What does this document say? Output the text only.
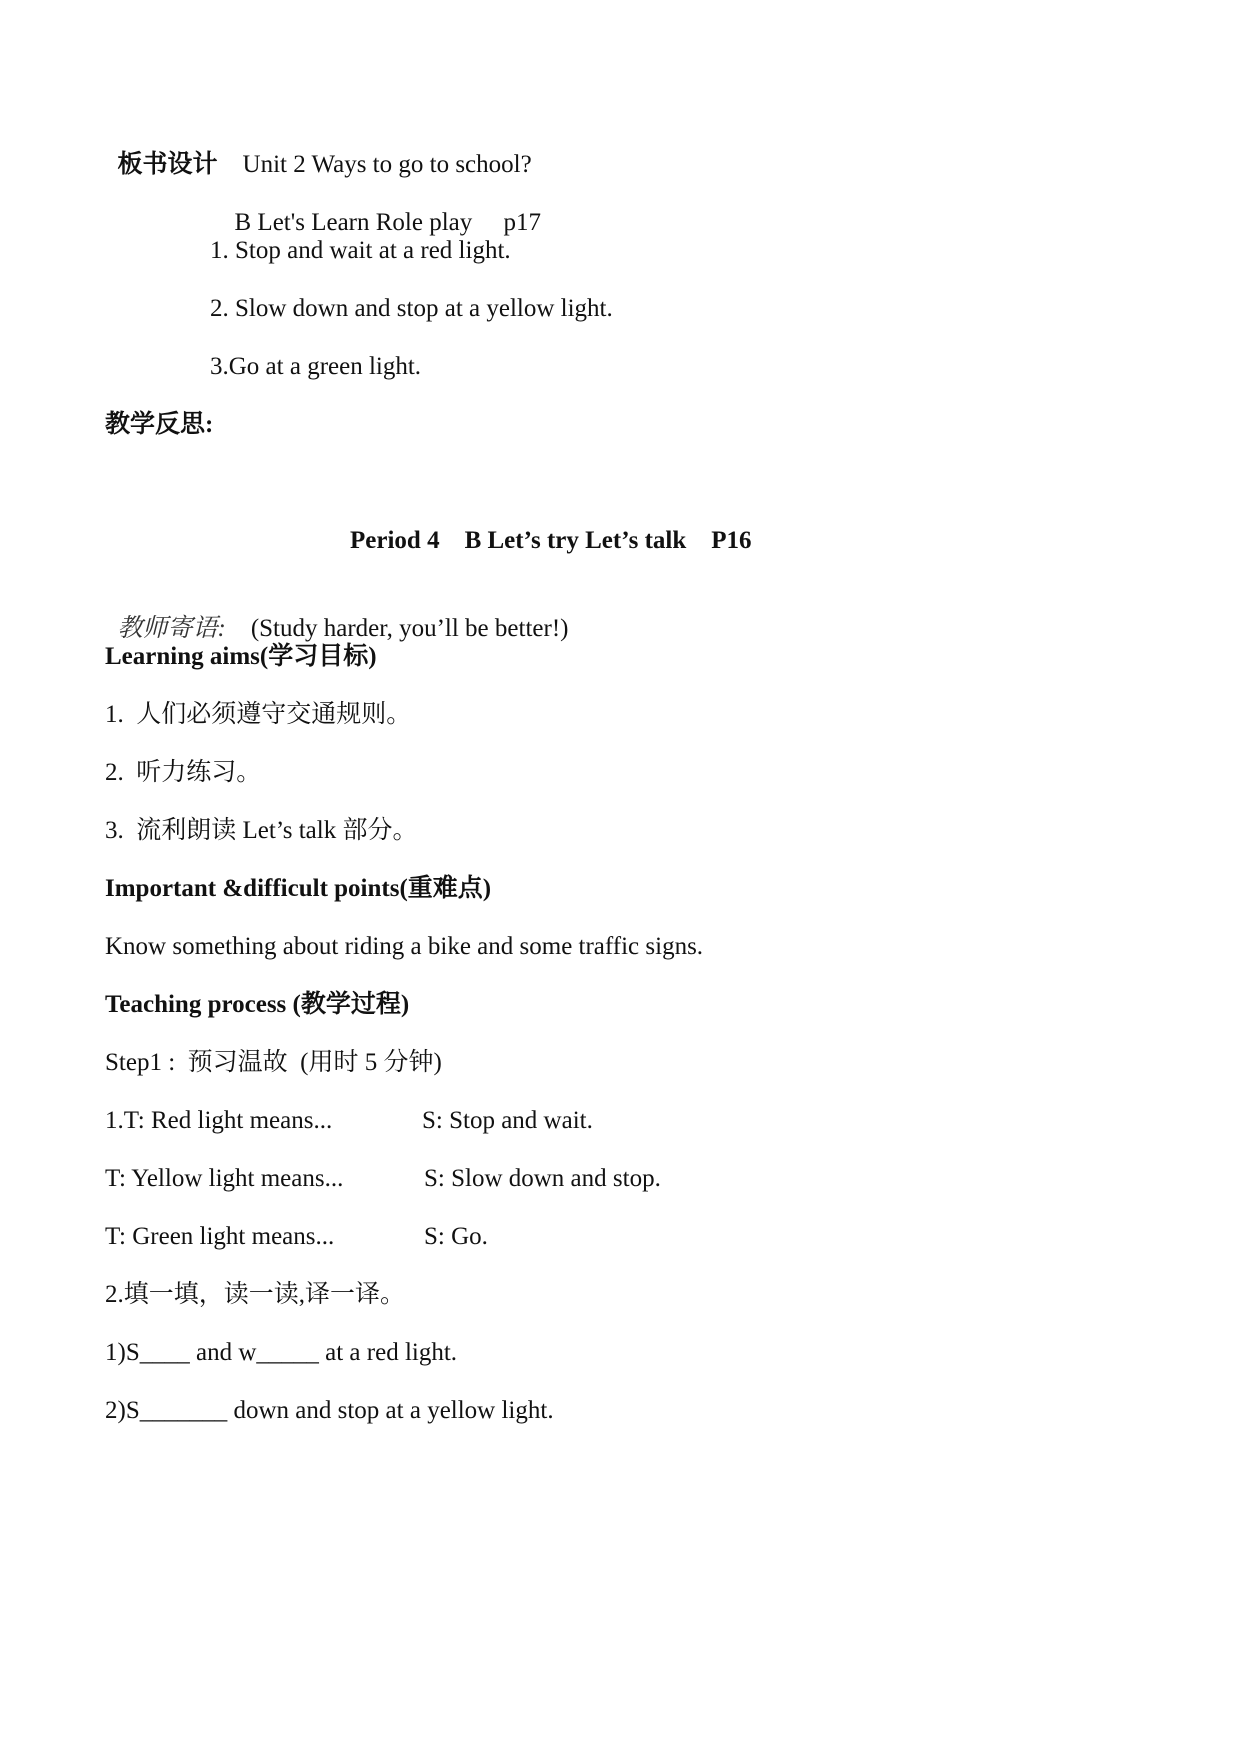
板书设计 Unit 2 Ways to go to school?

B Let's Learn Role play p17

1. Stop and wait at a red light.
2. Slow down and stop at a yellow light.
3.Go at a green light.
教学反思:
Period 4    B Let’s try Let’s talk    P16

教师寄语: (Study harder, you’ll be better!)

Learning aims(学习目标)
1.  人们必须遵守交通规则。
2.  听力练习。
3.  流利朗读 Let’s talk 部分。
Important &difficult points(重难点)
Know something about riding a bike and some traffic signs.
Teaching process (教学过程)
Step1 :  预习温故  (用时 5 分钟)
1.T: Red light means...	S: Stop and wait.
T: Yellow light means...	S: Slow down and stop.
T: Green light means...	S: Go.
2.填一填，读一读,译一译。
1)S____ and w_____ at a red light.
2)S_______ down and stop at a yellow light.
